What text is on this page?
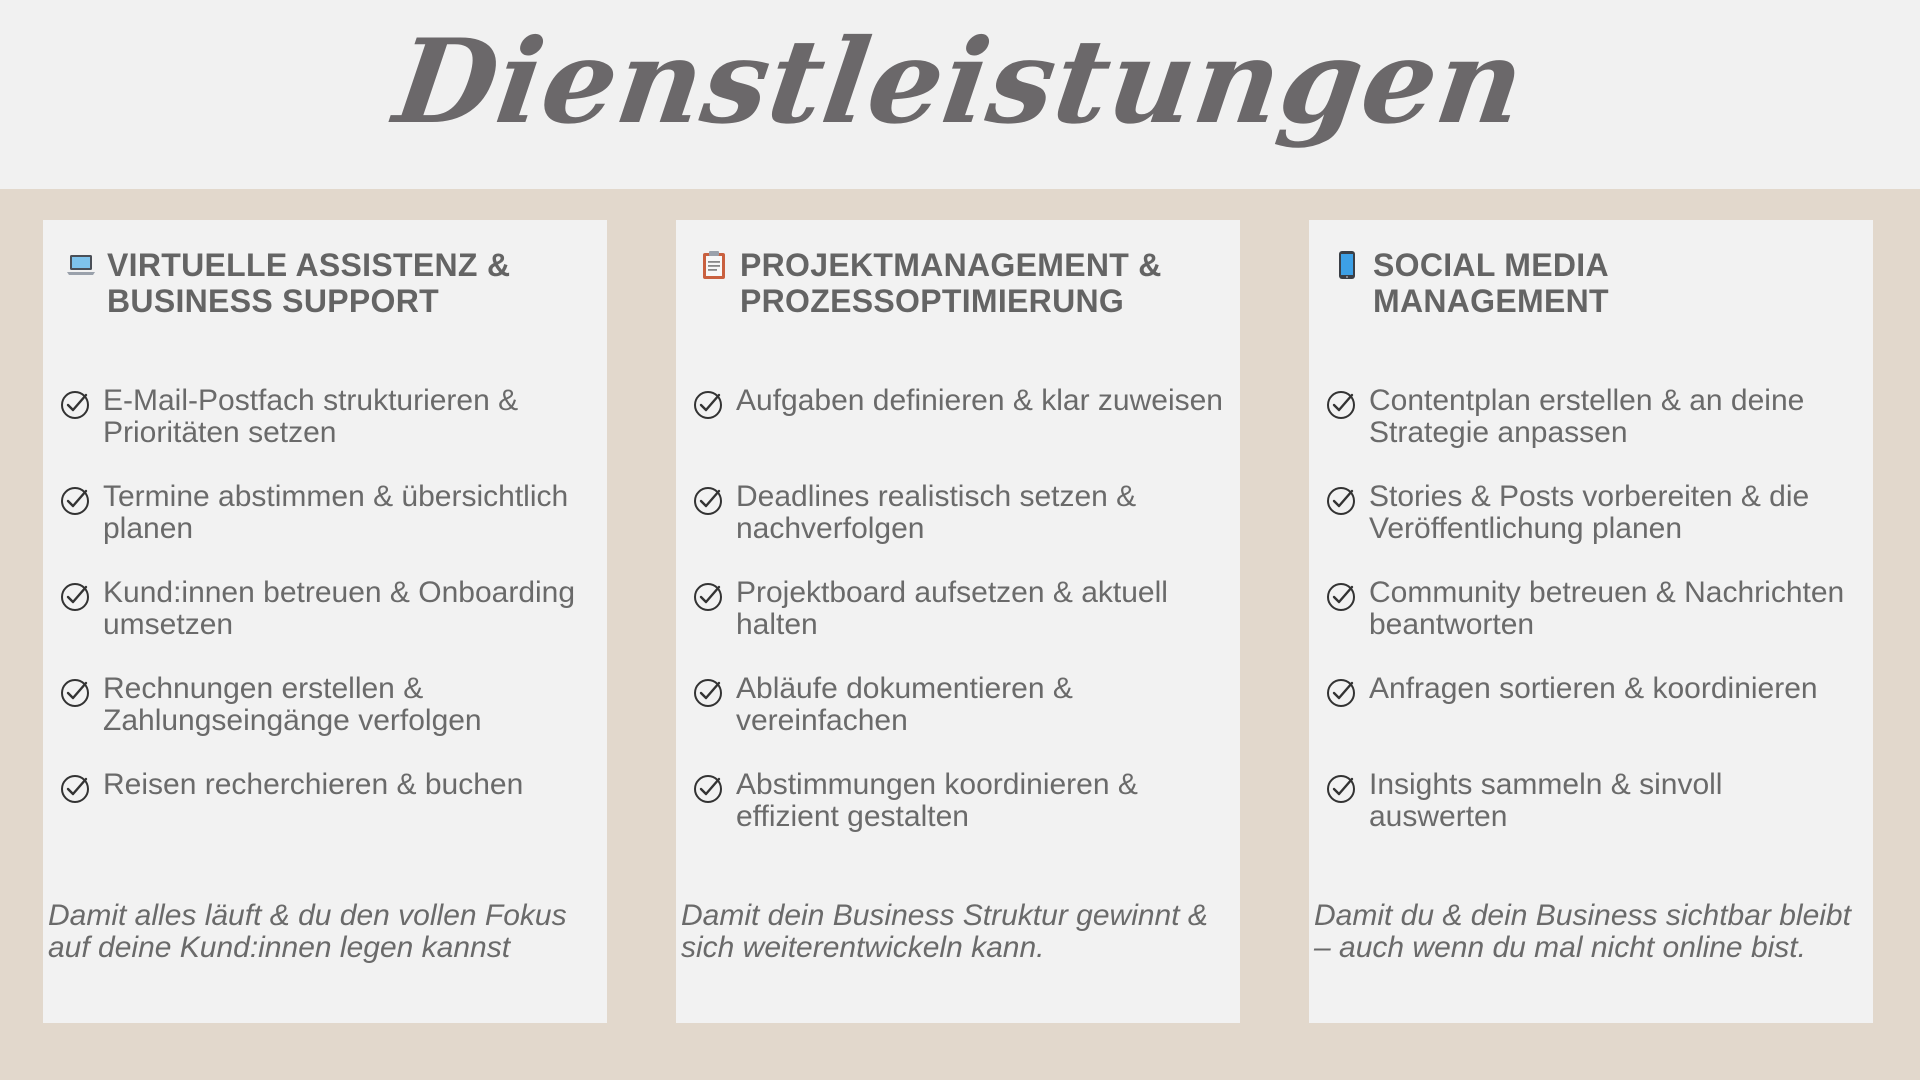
Dienstleistungen
VIRTUELLE ASSISTENZ &
BUSINESS SUPPORT
E-Mail-Postfach strukturieren & Prioritäten setzen
Termine abstimmen & übersichtlich planen
Kund:innen betreuen & Onboarding umsetzen
Rechnungen erstellen & Zahlungseingänge verfolgen
Reisen recherchieren & buchen
Damit alles läuft & du den vollen Fokus auf deine Kund:innen legen kannst
PROJEKTMANAGEMENT &
PROZESSOPTIMIERUNG
Aufgaben definieren & klar zuweisen
Deadlines realistisch setzen & nachverfolgen
Projektboard aufsetzen & aktuell halten
Abläufe dokumentieren & vereinfachen
Abstimmungen koordinieren & effizient gestalten
Damit dein Business Struktur gewinnt & sich weiterentwickeln kann.
SOCIAL MEDIA
MANAGEMENT
Contentplan erstellen & an deine Strategie anpassen
Stories & Posts vorbereiten & die Veröffentlichung planen
Community betreuen & Nachrichten beantworten
Anfragen sortieren & koordinieren
Insights sammeln & sinvoll auswerten
Damit du & dein Business sichtbar bleibt – auch wenn du mal nicht online bist.
